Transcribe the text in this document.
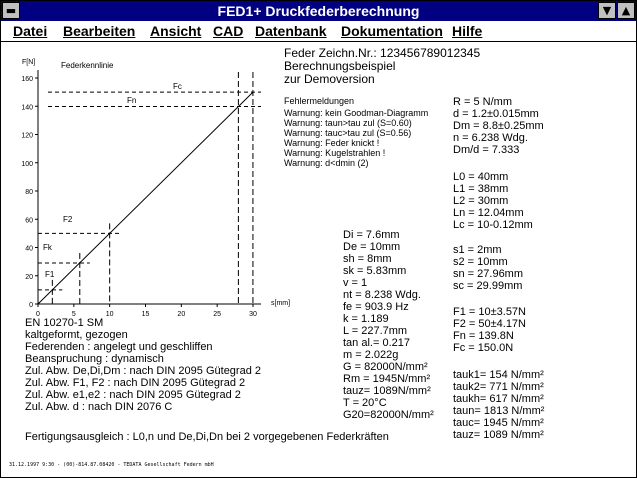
▬	FED1+ Druckfederberechnung	▼ ▲
Datei Bearbeiten Ansicht CAD Datenbank Dokumentation Hilfe
F[N]	Federkennlinie
s[mm]
Fc
Fn
F2
Fk
F1
0
20
40
60
80
100
120
140
160
0	5	10	15	20	25	30
Feder Zeichn.Nr.: 123456789012345
Berechnungsbeispiel
zur Demoversion
Fehlermeldungen
Warnung: kein Goodman-Diagramm
Warnung: taun>tau zul (S=0.60)
Warnung: tauc>tau zul (S=0.56)
Warnung: Feder knickt !
Warnung: Kugelstrahlen !
Warnung: d<dmin (2)
R = 5 N/mm
d = 1.2±0.015mm
Dm = 8.8±0.25mm
n = 6.238 Wdg.
Dm/d = 7.333
L0 = 40mm
L1 = 38mm
L2 = 30mm
Ln = 12.04mm
Lc = 10-0.12mm
s1 = 2mm
s2 = 10mm
sn = 27.96mm
sc = 29.99mm
F1 = 10±3.57N
F2 = 50±4.17N
Fn = 139.8N
Fc = 150.0N
tauk1= 154 N/mm²
tauk2= 771 N/mm²
taukh= 617 N/mm²
taun= 1813 N/mm²
tauc= 1945 N/mm²
tauz= 1089 N/mm²
Di = 7.6mm
De = 10mm
sh = 8mm
sk = 5.83mm
v = 1
nt = 8.238 Wdg.
fe = 903.9 Hz
k = 1.189
L = 227.7mm
tan al.= 0.217
m = 2.022g
G = 82000N/mm²
Rm = 1945N/mm²
tauz= 1089N/mm²
T = 20°C
G20=82000N/mm²
EN 10270-1 SM
kaltgeformt, gezogen
Federenden : angelegt und geschliffen
Beanspruchung : dynamisch
Zul. Abw. De,Di,Dm : nach DIN 2095 Gütegrad 2
Zul. Abw. F1, F2 : nach DIN 2095 Gütegrad 2
Zul. Abw. e1,e2 : nach DIN 2095 Gütegrad 2
Zul. Abw. d : nach DIN 2076 C
Fertigungsausgleich : L0,n und De,Di,Dn bei 2 vorgegebenen Federkräften
31.12.1997 9:30 - (00)-814.87.08420 - TEDATA Gesellschaft Federn mbH
